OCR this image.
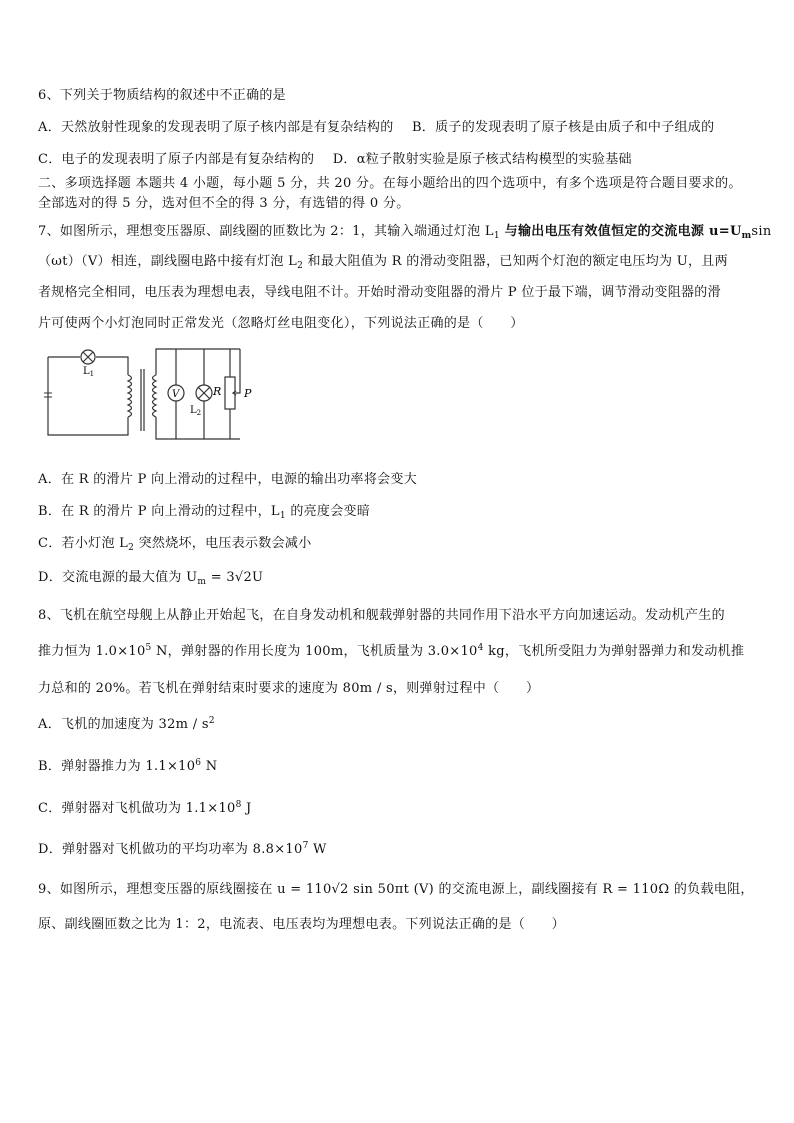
6、下列关于物质结构的叙述中不正确的是
A．天然放射性现象的发现表明了原子核内部是有复杂结构的 B．质子的发现表明了原子核是由质子和中子组成的
C．电子的发现表明了原子内部是有复杂结构的 D．α粒子散射实验是原子核式结构模型的实验基础
二、多项选择题 本题共 4 小题，每小题 5 分，共 20 分。在每小题给出的四个选项中，有多个选项是符合题目要求的。
全部选对的得 5 分，选对但不全的得 3 分，有选错的得 0 分。
7、如图所示，理想变压器原、副线圈的匝数比为 2：1，其输入端通过灯泡 $L_1$ 与输出电压有效值恒定的交流电源 $u=U_m\sin$
（ωt）（V）相连，副线圈电路中接有灯泡 $L_2$ 和最大阻值为 R 的滑动变阻器，已知两个灯泡的额定电压均为 U，且两
者规格完全相同，电压表为理想电表，导线电阻不计。开始时滑动变阻器的滑片 P 位于最下端，调节滑动变阻器的滑
片可使两个小灯泡同时正常发光（忽略灯丝电阻变化），下列说法正确的是（　　）
$L_1$
V
$L_2$
R P
A．在 R 的滑片 P 向上滑动的过程中，电源的输出功率将会变大
B．在 R 的滑片 P 向上滑动的过程中，$L_1$ 的亮度会变暗
C．若小灯泡 $L_2$ 突然烧坏，电压表示数会减小
D．交流电源的最大值为 $U_m = 3√2U$
8、飞机在航空母舰上从静止开始起飞，在自身发动机和舰载弹射器的共同作用下沿水平方向加速运动。发动机产生的
推力恒为 $1.0\times 10^5$ N，弹射器的作用长度为 100m，飞机质量为 $3.0\times 10^4$ kg，飞机所受阻力为弹射器弹力和发动机推
力总和的 20%。若飞机在弹射结束时要求的速度为 80m / s，则弹射过程中（　　）
A．飞机的加速度为 $32m / s^2$
B．弹射器推力为 $1.1\times 10^6$ N
C．弹射器对飞机做功为 $1.1\times 10^8$ J
D．弹射器对飞机做功的平均功率为 $8.8\times 10^7$ W
9、如图所示，理想变压器的原线圈接在 u = 110√2 sin 50πt (V) 的交流电源上，副线圈接有 R = 110Ω 的负载电阻，
原、副线圈匝数之比为 1：2，电流表、电压表均为理想电表。下列说法正确的是（　　）
